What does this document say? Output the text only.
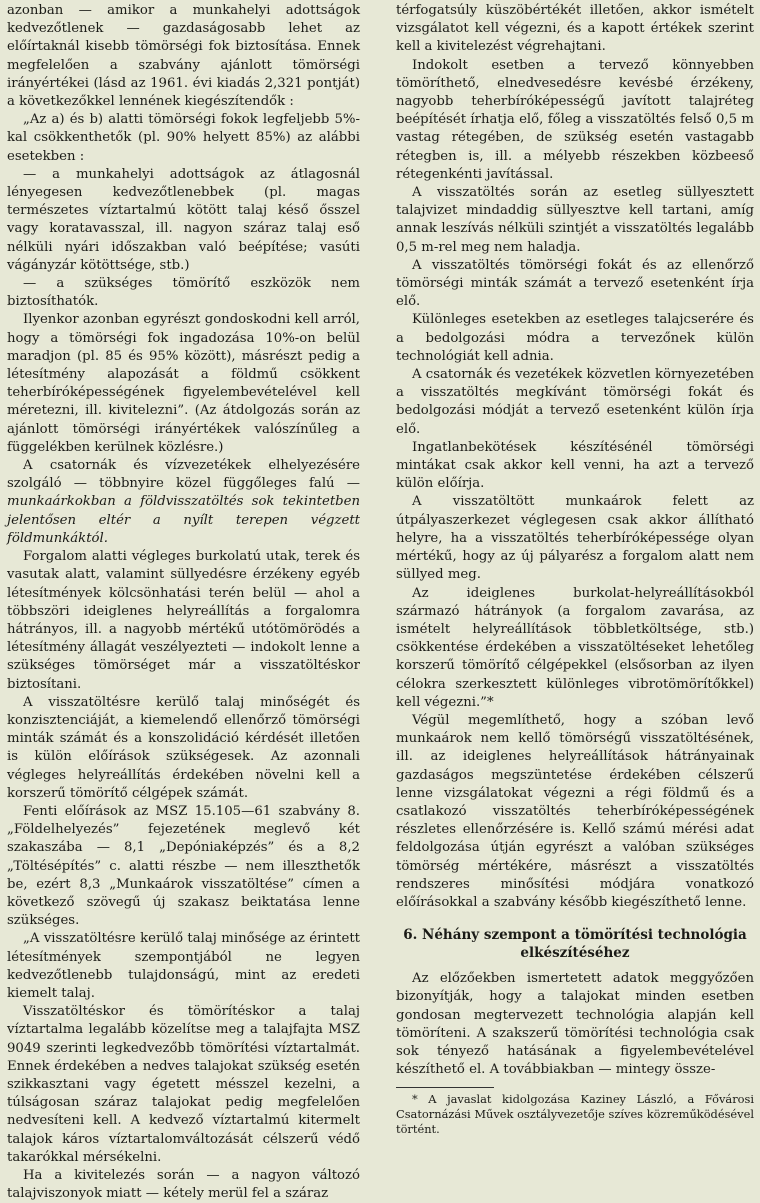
azonban — amikor a munkahelyi adottságok kedvezőtlenek — gazdaságosabb lehet az előírtaknál kisebb tömörségi fok biztosítása. Ennek megfelelően a szabvány ajánlott tömörségi irányértékei (lásd az 1961. évi kiadás 2,321 pontját) a következőkkel lennének kiegészítendők :

„Az a) és b) alatti tömörségi fokok legfeljebb 5%-kal csökkenthetők (pl. 90% helyett 85%) az alábbi esetekben :

— a munkahelyi adottságok az átlagosnál lényegesen kedvezőtlenebbek (pl. magas természetes víztartalmú kötött talaj késő ősszel vagy koratavasszal, ill. nagyon száraz talaj eső nélküli nyári időszakban való beépítése; vasúti vágányzár kötöttsége, stb.)

— a szükséges tömörítő eszközök nem biztosíthatók.

Ilyenkor azonban egyrészt gondoskodni kell arról, hogy a tömörségi fok ingadozása 10%-on belül maradjon (pl. 85 és 95% között), másrészt pedig a létesítmény alapozását a földmű csökkent teherbíróképességének figyelembevételével kell méretezni, ill. kivitelezni”. (Az átdolgozás során az ajánlott tömörségi irányértékek valószínűleg a függelékben kerülnek közlésre.)

A csatornák és vízvezetékek elhelyezésére szolgáló — többnyire közel függőleges falú — munkaárkokban a földvisszatöltés sok tekintetben jelentősen eltér a nyílt terepen végzett földmunkáktól.

Forgalom alatti végleges burkolatú utak, terek és vasutak alatt, valamint süllyedésre érzékeny egyéb létesítmények kölcsönhatási terén belül — ahol a többszöri ideiglenes helyreállítás a forgalomra hátrányos, ill. a nagyobb mértékű utótömörödés a létesítmény állagát veszélyezteti — indokolt lenne a szükséges tömörséget már a visszatöltéskor biztosítani.

A visszatöltésre kerülő talaj minőségét és konzisztenciáját, a kiemelendő ellenőrző tömörségi minták számát és a konszolidáció kérdését illetően is külön előírások szükségesek. Az azonnali végleges helyreállítás érdekében növelni kell a korszerű tömörítő célgépek számát.

Fenti előírások az MSZ 15.105—61 szabvány 8. „Földelhelyezés” fejezetének meglevő két szakaszába — 8,1 „Depóniaképzés” és a 8,2 „Töltésépítés” c. alatti részbe — nem illeszthetők be, ezért 8,3 „Munkaárok visszatöltése” címen a következő szövegű új szakasz beiktatása lenne szükséges.

„A visszatöltésre kerülő talaj minősége az érintett létesítmények szempontjából ne legyen kedvezőtlenebb tulajdonságú, mint az eredeti kiemelt talaj.

Visszatöltéskor és tömörítéskor a talaj víztartalma legalább közelítse meg a talajfajta MSZ 9049 szerinti legkedvezőbb tömörítési víztartalmát. Ennek érdekében a nedves talajokat szükség esetén szikkasztani vagy égetett mésszel kezelni, a túlságosan száraz talajokat pedig megfelelően nedvesíteni kell. A kedvező víztartalmú kitermelt talajok káros víztartalomváltozását célszerű védő takarókkal mérsékelni.

Ha a kivitelezés során — a nagyon változó talajviszonyok miatt — kétely merül fel a száraz

térfogatsúly küszöbértékét illetően, akkor ismételt vizsgálatot kell végezni, és a kapott értékek szerint kell a kivitelezést végrehajtani.

Indokolt esetben a tervező könnyebben tömöríthető, elnedvesedésre kevésbé érzékeny, nagyobb teherbíróképességű javított talajréteg beépítését írhatja elő, főleg a visszatöltés felső 0,5 m vastag rétegében, de szükség esetén vastagabb rétegben is, ill. a mélyebb részekben közbeeső rétegenkénti javítással.

A visszatöltés során az esetleg süllyesztett talajvizet mindaddig süllyesztve kell tartani, amíg annak leszívás nélküli szintjét a visszatöltés legalább 0,5 m-rel meg nem haladja.

A visszatöltés tömörségi fokát és az ellenőrző tömörségi minták számát a tervező esetenként írja elő.

Különleges esetekben az esetleges talajcserére és a bedolgozási módra a tervezőnek külön technológiát kell adnia.

A csatornák és vezetékek közvetlen környezetében a visszatöltés megkívánt tömörségi fokát és bedolgozási módját a tervező esetenként külön írja elő.

Ingatlanbekötések készítésénél tömörségi mintákat csak akkor kell venni, ha azt a tervező külön előírja.

A visszatöltött munkaárok felett az útpályaszerkezet véglegesen csak akkor állítható helyre, ha a visszatöltés teherbíróképessége olyan mértékű, hogy az új pályarész a forgalom alatt nem süllyed meg.

Az ideiglenes burkolat-helyreállításokból származó hátrányok (a forgalom zavarása, az ismételt helyreállítások többletköltsége, stb.) csökkentése érdekében a visszatöltéseket lehetőleg korszerű tömörítő célgépekkel (elsősorban az ilyen célokra szerkesztett különleges vibrotömörítőkkel) kell végezni.”*

Végül megemlíthető, hogy a szóban levő munkaárok nem kellő tömörségű visszatöltésének, ill. az ideiglenes helyreállítások hátrányainak gazdaságos megszüntetése érdekében célszerű lenne vizsgálatokat végezni a régi földmű és a csatlakozó visszatöltés teherbíróképességének részletes ellenőrzésére is. Kellő számú mérési adat feldolgozása útján egyrészt a valóban szükséges tömörség mértékére, másrészt a visszatöltés rendszeres minősítési módjára vonatkozó előírásokkal a szabvány később kiegészíthető lenne.

6. Néhány szempont a tömörítési technológia elkészítéséhez

Az előzőekben ismertetett adatok meggyőzően bizonyítják, hogy a talajokat minden esetben gondosan megtervezett technológia alapján kell tömöríteni. A szakszerű tömörítési technológia csak sok tényező hatásának a figyelembevételével készíthető el. A továbbiakban — mintegy össze-

* A javaslat kidolgozása Kaziney László, a Fővárosi Csatornázási Művek osztályvezetője szíves közreműködésével történt.
